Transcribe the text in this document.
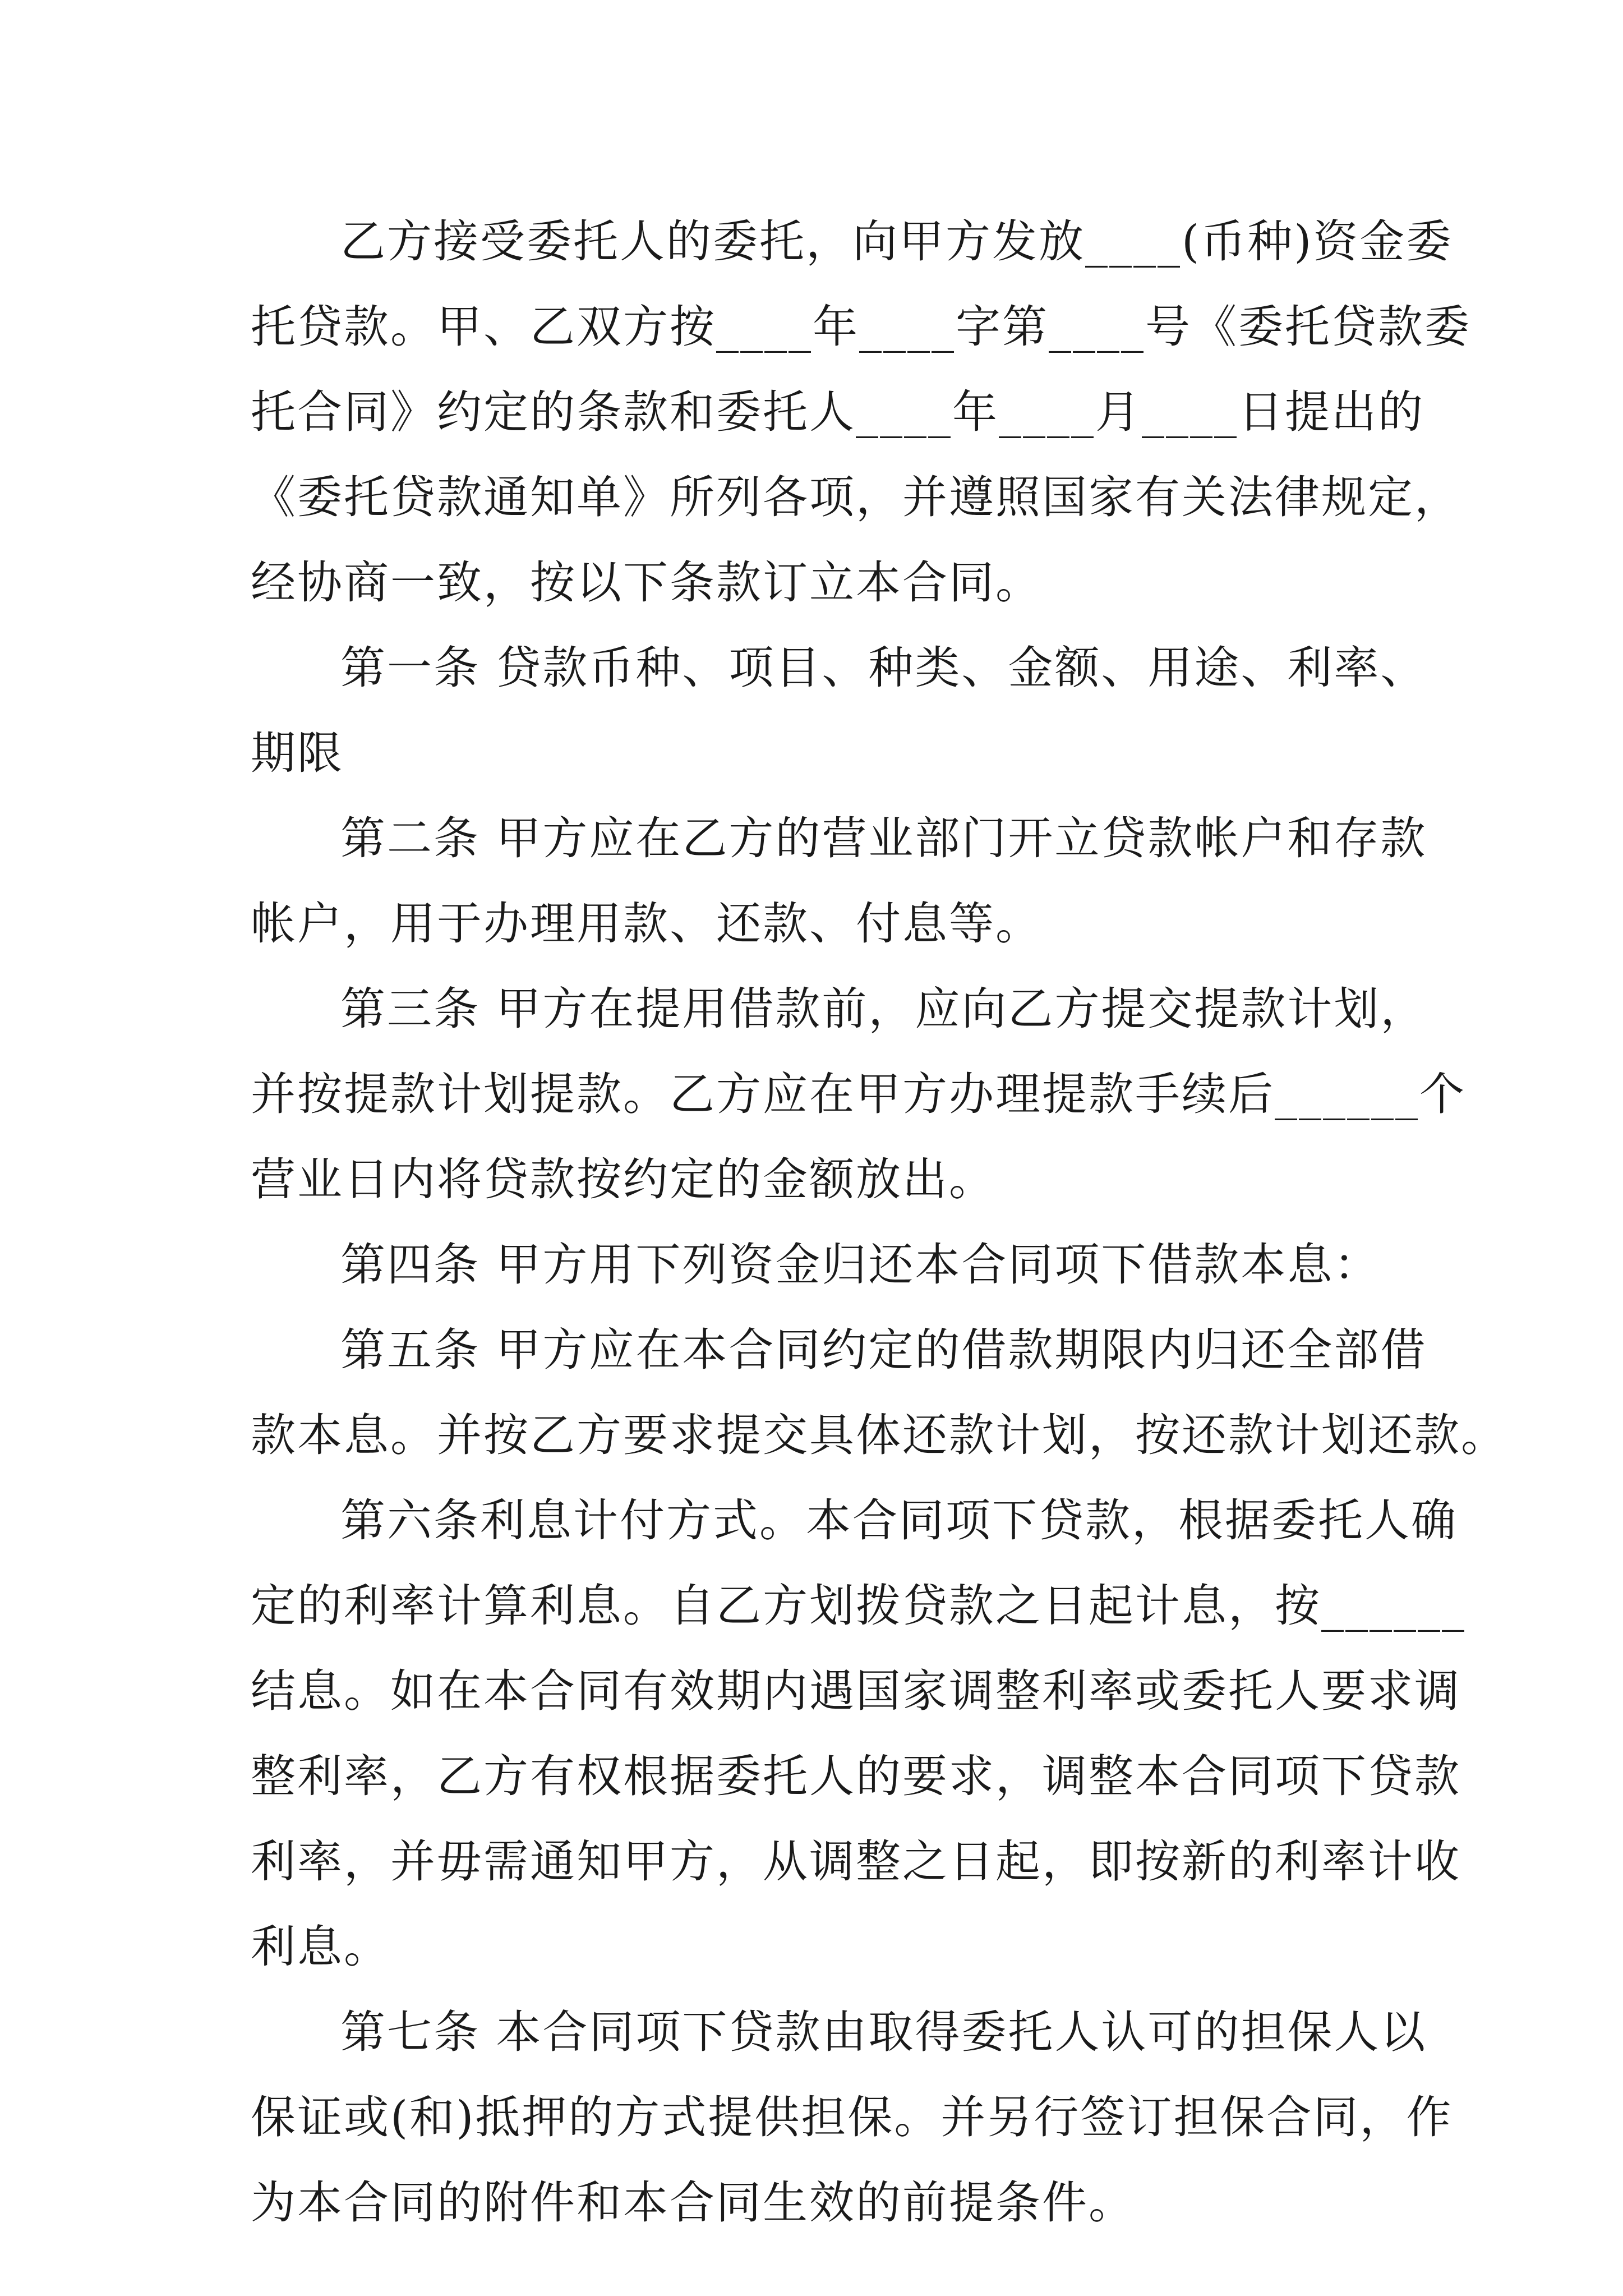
乙方接受委托人的委托，向甲方发放____(币种)资金委
托贷款。甲、乙双方按____年____字第____号《委托贷款委
托合同》约定的条款和委托人____年____月____日提出的
《委托贷款通知单》所列各项，并遵照国家有关法律规定，
经协商一致，按以下条款订立本合同。
第一条 贷款币种、项目、种类、金额、用途、利率、
期限
第二条 甲方应在乙方的营业部门开立贷款帐户和存款
帐户，用于办理用款、还款、付息等。
第三条 甲方在提用借款前，应向乙方提交提款计划，
并按提款计划提款。乙方应在甲方办理提款手续后______个
营业日内将贷款按约定的金额放出。
第四条 甲方用下列资金归还本合同项下借款本息：
第五条 甲方应在本合同约定的借款期限内归还全部借
款本息。并按乙方要求提交具体还款计划，按还款计划还款。
第六条利息计付方式。本合同项下贷款，根据委托人确
定的利率计算利息。自乙方划拨贷款之日起计息，按______
结息。如在本合同有效期内遇国家调整利率或委托人要求调
整利率，乙方有权根据委托人的要求，调整本合同项下贷款
利率，并毋需通知甲方，从调整之日起，即按新的利率计收
利息。
第七条 本合同项下贷款由取得委托人认可的担保人以
保证或(和)抵押的方式提供担保。并另行签订担保合同，作
为本合同的附件和本合同生效的前提条件。
